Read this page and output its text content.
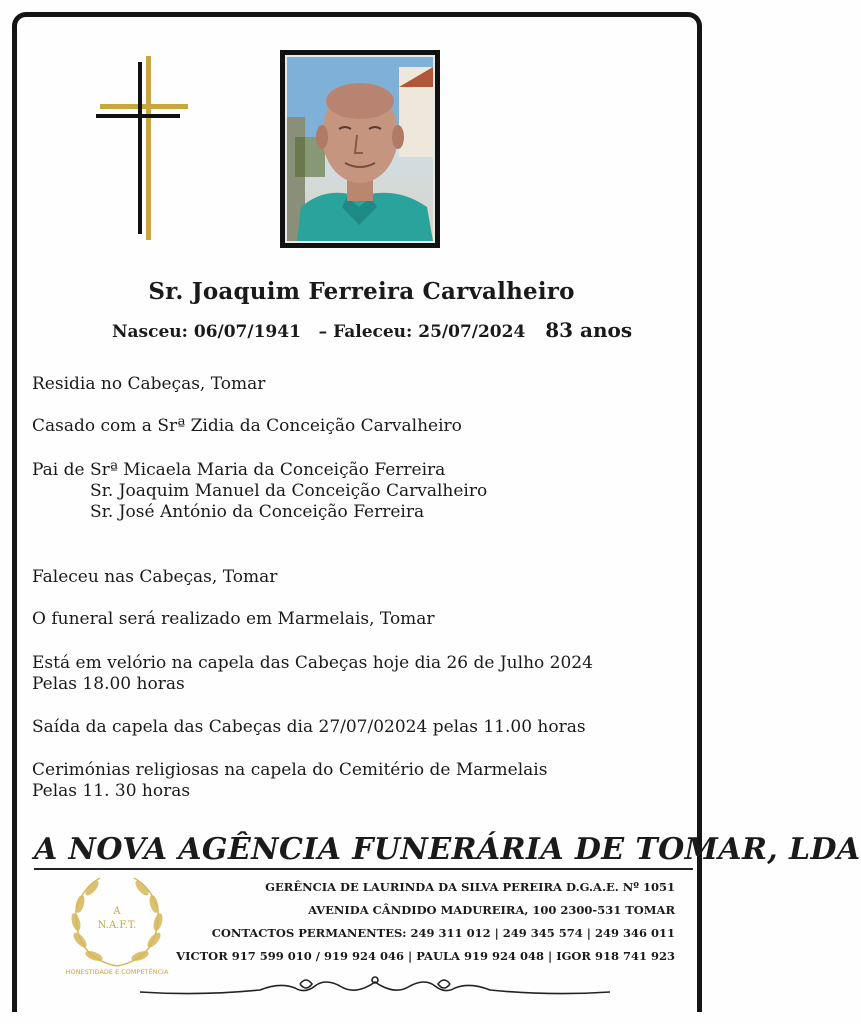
Sr. Joaquim Ferreira Carvalheiro
Nasceu: 06/07/1941 – Faleceu: 25/07/2024 83 anos
Residia no Cabeças, Tomar
Casado com a Srª Zidia da Conceição Carvalheiro
Pai de Srª Micaela Maria da Conceição Ferreira
Sr. Joaquim Manuel da Conceição Carvalheiro
Sr. José António da Conceição Ferreira
Faleceu nas Cabeças, Tomar
O funeral será realizado em Marmelais, Tomar
Está em velório na capela das Cabeças hoje dia 26 de Julho 2024
Pelas 18.00 horas
Saída da capela das Cabeças dia 27/07/02024 pelas 11.00 horas
Cerimónias religiosas na capela do Cemitério de Marmelais
Pelas 11. 30 horas
A NOVA AGÊNCIA FUNERÁRIA DE TOMAR, LDA
A
N.A.F.T.
HONESTIDADE E COMPETÊNCIA
GERÊNCIA DE LAURINDA DA SILVA PEREIRA D.G.A.E. Nº 1051
AVENIDA CÂNDIDO MADUREIRA, 100 2300-531 TOMAR
CONTACTOS PERMANENTES: 249 311 012 | 249 345 574 | 249 346 011
VICTOR 917 599 010 / 919 924 046 | PAULA 919 924 048 | IGOR 918 741 923
